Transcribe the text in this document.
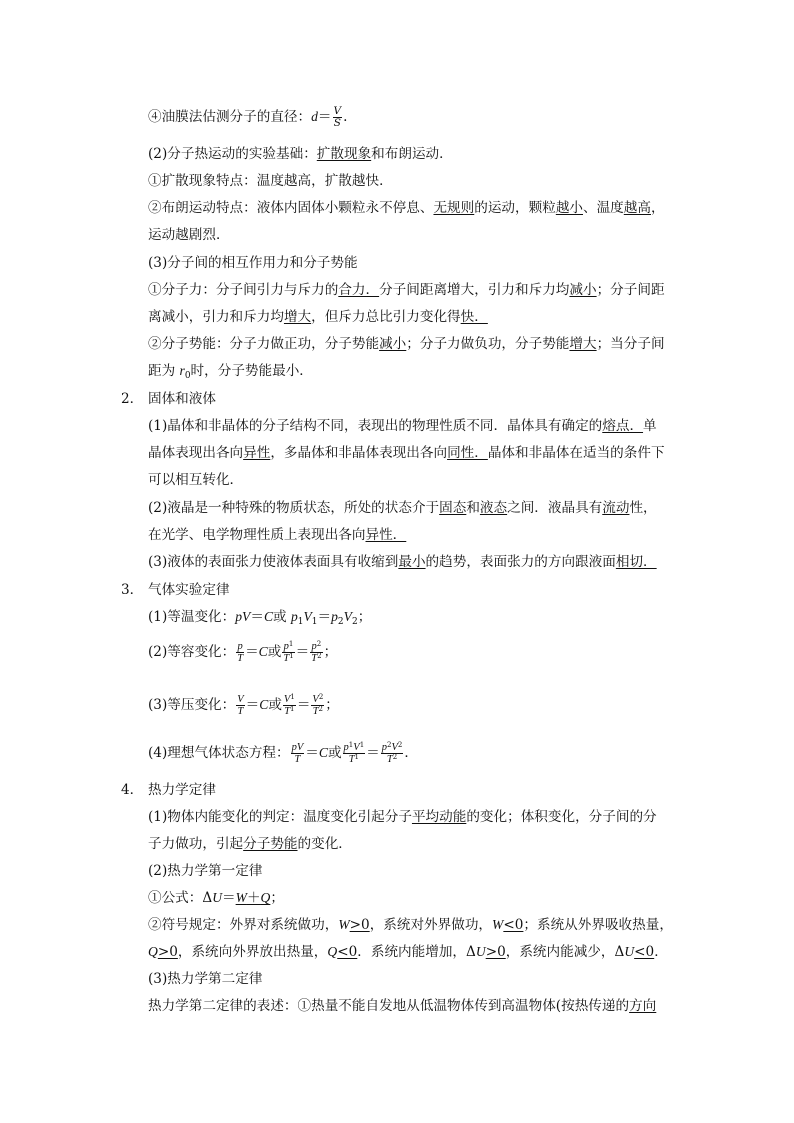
④油膜法估测分子的直径：$d= \frac{V}{S}$ .
(2)分子热运动的实验基础：扩散现象和布朗运动．
①扩散现象特点：温度越高，扩散越快．
②布朗运动特点：液体内固体小颗粒永不停息、无规则的运动，颗粒越小、温度越高，
运动越剧烈．
(3)分子间的相互作用力和分子势能
①分子力：分子间引力与斥力的合力．分子间距离增大，引力和斥力均减小；分子间距
离减小，引力和斥力均增大，但斥力总比引力变化得快．
②分子势能：分子力做正功，分子势能减小；分子力做负功，分子势能增大；当分子间
距为 $r_0$时，分子势能最小．
2． 固体和液体
(1)晶体和非晶体的分子结构不同，表现出的物理性质不同．晶体具有确定的熔点．单
晶体表现出各向异性，多晶体和非晶体表现出各向同性．晶体和非晶体在适当的条件下
可以相互转化．
(2)液晶是一种特殊的物质状态，所处的状态介于固态和液态之间．液晶具有流动性，
在光学、电学物理性质上表现出各向异性．
(3)液体的表面张力使液体表面具有收缩到最小的趋势，表面张力的方向跟液面相切．
3． 气体实验定律
(1)等温变化：pV＝C或 $p_1V_1=p_2V_2$；
(2)等容变化： $\frac{p}{T} =C$或 $\frac{p^1}{T^1} = \frac{p^2}{T^2}$ ；
(3)等压变化： $\frac{V}{T} =C$或 $\frac{V^1}{T^1} = \frac{V^2}{T^2}$ ；
(4)理想气体状态方程： $\frac{pV}{T} =C$或 $\frac{p^1V^1}{T^1} = \frac{p^2V^2}{T^2}$ ．
4． 热力学定律
(1)物体内能变化的判定：温度变化引起分子平均动能的变化；体积变化，分子间的分
子力做功，引起分子势能的变化．
(2)热力学第一定律
①公式：ΔU＝W＋Q；
②符号规定：外界对系统做功，W>0，系统对外界做功，W<0；系统从外界吸收热量，
Q>0，系统向外界放出热量，Q<0．系统内能增加，ΔU>0，系统内能减少，ΔU<0．
(3)热力学第二定律
热力学第二定律的表述：①热量不能自发地从低温物体传到高温物体(按热传递的方向
